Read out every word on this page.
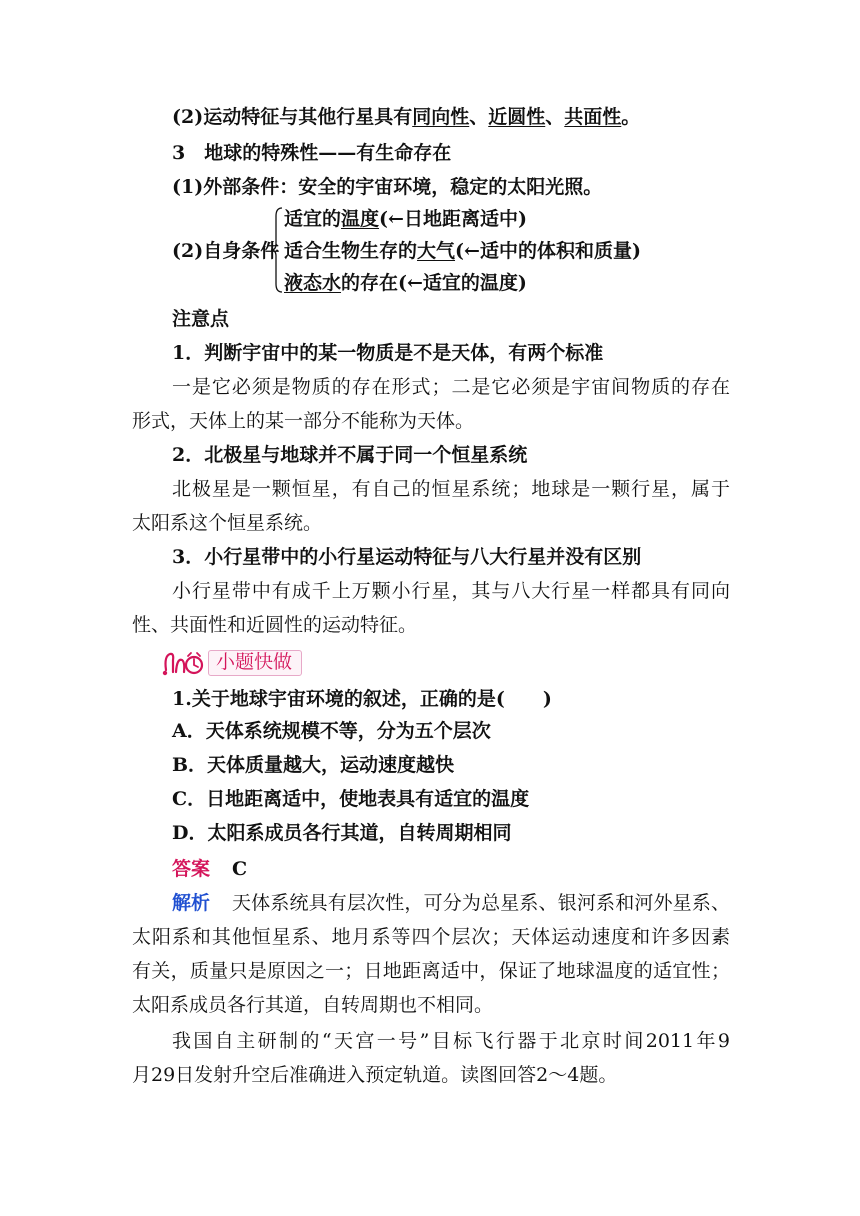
(2)运动特征与其他行星具有同向性、近圆性、共面性。
3　地球的特殊性——有生命存在
(1)外部条件：安全的宇宙环境，稳定的太阳光照。
(2)自身条件
适宜的温度(←日地距离适中)
适合生物生存的大气(←适中的体积和质量)
液态水的存在(←适宜的温度)
注意点
1．判断宇宙中的某一物质是不是天体，有两个标准
一是它必须是物质的存在形式；二是它必须是宇宙间物质的存在
形式，天体上的某一部分不能称为天体。
2．北极星与地球并不属于同一个恒星系统
北极星是一颗恒星，有自己的恒星系统；地球是一颗行星，属于
太阳系这个恒星系统。
3．小行星带中的小行星运动特征与八大行星并没有区别
小行星带中有成千上万颗小行星，其与八大行星一样都具有同向
性、共面性和近圆性的运动特征。
小题快做
1.关于地球宇宙环境的叙述，正确的是(　　)
A．天体系统规模不等，分为五个层次
B．天体质量越大，运动速度越快
C．日地距离适中，使地表具有适宜的温度
D．太阳系成员各行其道，自转周期相同
答案 C
解析 天体系统具有层次性，可分为总星系、银河系和河外星系、
太阳系和其他恒星系、地月系等四个层次；天体运动速度和许多因素
有关，质量只是原因之一；日地距离适中，保证了地球温度的适宜性；
太阳系成员各行其道，自转周期也不相同。
我国自主研制的“天宫一号”目标飞行器于北京时间2011年9
月29日发射升空后准确进入预定轨道。读图回答2～4题。
